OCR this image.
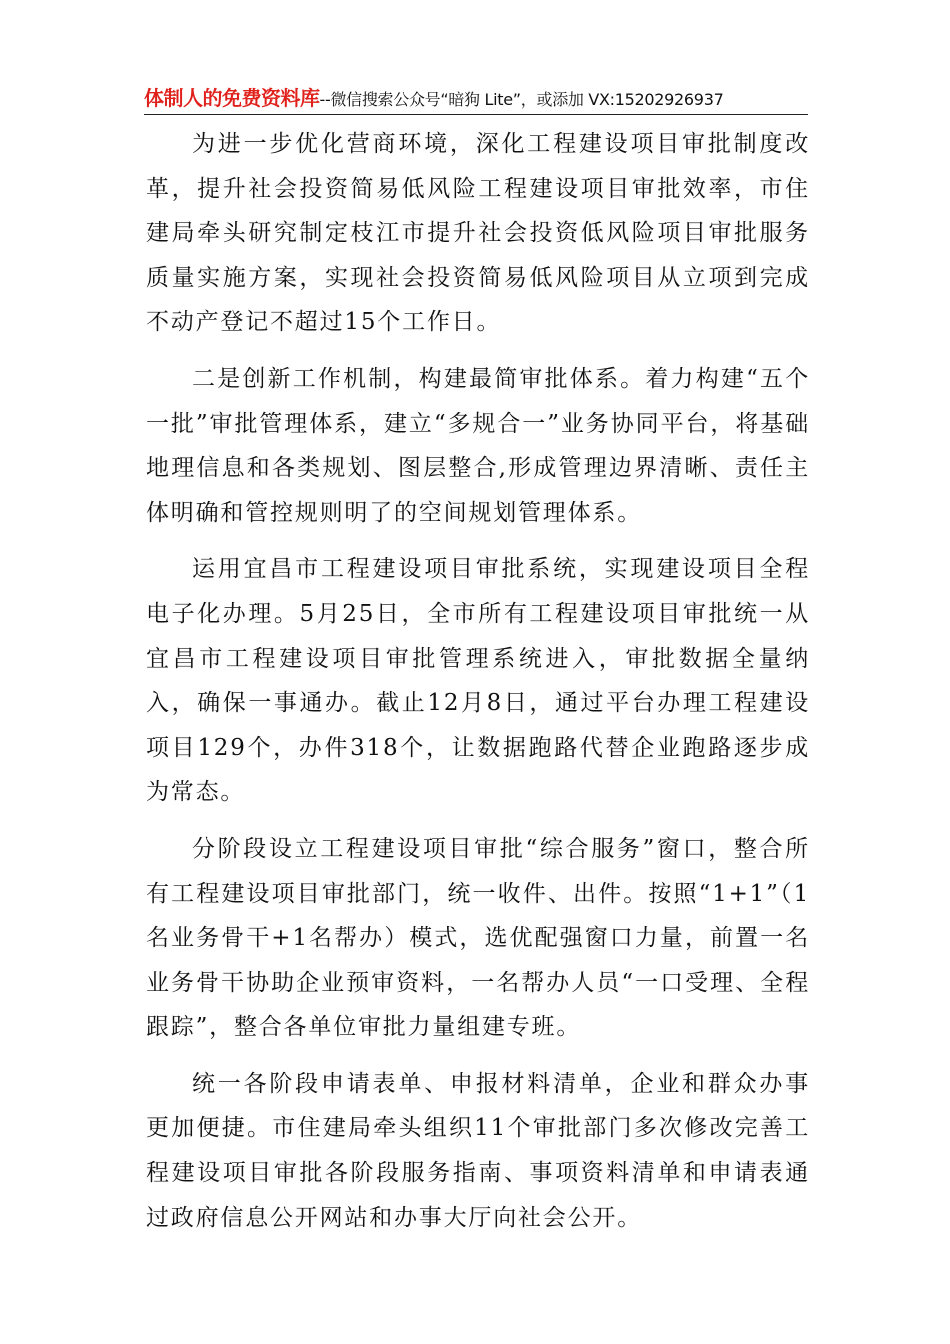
体制人的免费资料库--微信搜索公众号“暗狗 Lite”，或添加 VX:15202926937

为进一步优化营商环境，深化工程建设项目审批制度改革，提升社会投资简易低风险工程建设项目审批效率，市住建局牵头研究制定枝江市提升社会投资低风险项目审批服务质量实施方案，实现社会投资简易低风险项目从立项到完成不动产登记不超过15个工作日。

二是创新工作机制，构建最简审批体系。着力构建“五个一批”审批管理体系，建立“多规合一”业务协同平台，将基础地理信息和各类规划、图层整合,形成管理边界清晰、责任主体明确和管控规则明了的空间规划管理体系。

运用宜昌市工程建设项目审批系统，实现建设项目全程电子化办理。5月25日，全市所有工程建设项目审批统一从宜昌市工程建设项目审批管理系统进入，审批数据全量纳入，确保一事通办。截止12月8日，通过平台办理工程建设项目129个，办件318个，让数据跑路代替企业跑路逐步成为常态。

分阶段设立工程建设项目审批“综合服务”窗口，整合所有工程建设项目审批部门，统一收件、出件。按照“1+1”（1名业务骨干+1名帮办）模式，选优配强窗口力量，前置一名业务骨干协助企业预审资料，一名帮办人员“一口受理、全程跟踪”，整合各单位审批力量组建专班。

统一各阶段申请表单、申报材料清单，企业和群众办事更加便捷。市住建局牵头组织11个审批部门多次修改完善工程建设项目审批各阶段服务指南、事项资料清单和申请表通过政府信息公开网站和办事大厅向社会公开。
